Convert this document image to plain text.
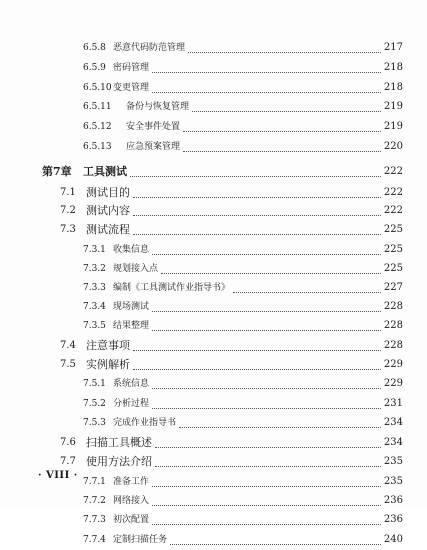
6.5.8 恶意代码防范管理	217
6.5.9 密码管理	218
6.5.10 变更管理	218
6.5.11 备份与恢复管理	219
6.5.12 安全事件处置	219
6.5.13 应急预案管理	220
第7章 工具测试	222
7.1 测试目的	222
7.2 测试内容	222
7.3 测试流程	225
7.3.1 收集信息	225
7.3.2 规划接入点	225
7.3.3 编制《工具测试作业指导书》	227
7.3.4 现场测试	228
7.3.5 结果整理	228
7.4 注意事项	228
7.5 实例解析	229
7.5.1 系统信息	229
7.5.2 分析过程	231
7.5.3 完成作业指导书	234
7.6 扫描工具概述	234
7.7 使用方法介绍	235
7.7.1 准备工作	235
7.7.2 网络接入	236
7.7.3 初次配置	236
7.7.4 定制扫描任务	240
· VIII ·
